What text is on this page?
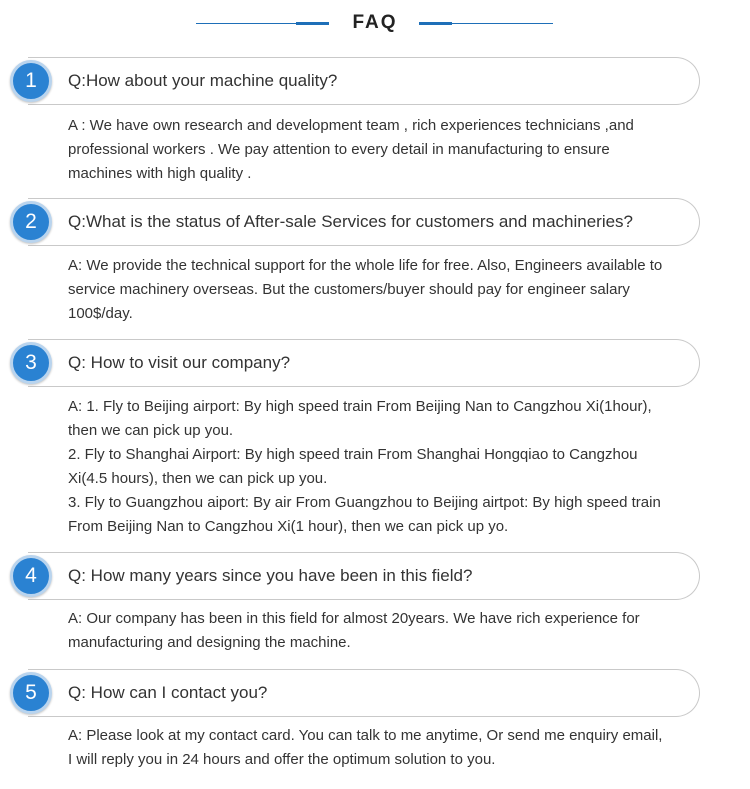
FAQ
1	Q:How about your machine quality?
A : We have own research and development team , rich experiences technicians ,and
professional workers . We pay attention to every detail in manufacturing to ensure
machines with high quality .
2	Q:What is the status of After-sale Services for customers and machineries?
A: We provide the technical support for the whole life for free. Also, Engineers available to
service machinery overseas. But the customers/buyer should pay for engineer salary
100$/day.
3	Q: How to visit our company?
A: 1. Fly to Beijing airport: By high speed train From Beijing Nan to Cangzhou Xi(1hour),
then we can pick up you.
2. Fly to Shanghai Airport: By high speed train From Shanghai Hongqiao to Cangzhou
Xi(4.5 hours), then we can pick up you.
3. Fly to Guangzhou aiport: By air From Guangzhou to Beijing airtpot: By high speed train
From Beijing Nan to Cangzhou Xi(1 hour), then we can pick up yo.
4	Q: How many years since you have been in this field?
A: Our company has been in this field for almost 20years. We have rich experience for
manufacturing and designing the machine.
5	Q: How can I contact you?
A: Please look at my contact card. You can talk to me anytime, Or send me enquiry email,
I will reply you in 24 hours and offer the optimum solution to you.
